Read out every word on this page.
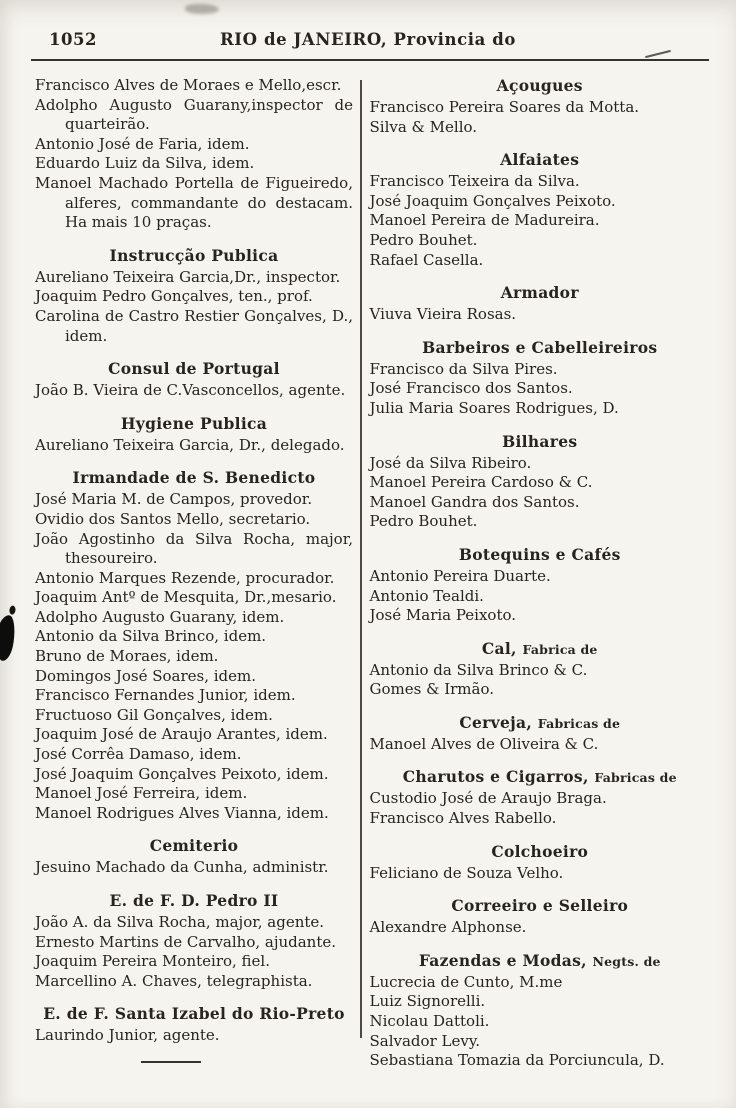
1052	RIO de JANEIRO, Provincia do

Francisco Alves de Moraes e Mello,escr.

Adolpho Augusto Guarany,inspector de quarteirão.

Antonio José de Faria, idem.

Eduardo Luiz da Silva, idem.

Manoel Machado Portella de Figueiredo, alferes, commandante do destacam. Ha mais 10 praças.

Instrucção Publica

Aureliano Teixeira Garcia,Dr., inspector.

Joaquim Pedro Gonçalves, ten., prof.

Carolina de Castro Restier Gonçalves, D., idem.

Consul de Portugal

João B. Vieira de C.Vasconcellos, agente.

Hygiene Publica

Aureliano Teixeira Garcia, Dr., delegado.

Irmandade de S. Benedicto

José Maria M. de Campos, provedor.

Ovidio dos Santos Mello, secretario.

João Agostinho da Silva Rocha, major, thesoureiro.

Antonio Marques Rezende, procurador.

Joaquim Antº de Mesquita, Dr.,mesario.

Adolpho Augusto Guarany, idem.

Antonio da Silva Brinco, idem.

Bruno de Moraes, idem.

Domingos José Soares, idem.

Francisco Fernandes Junior, idem.

Fructuoso Gil Gonçalves, idem.

Joaquim José de Araujo Arantes, idem.

José Corrêa Damaso, idem.

José Joaquim Gonçalves Peixoto, idem.

Manoel José Ferreira, idem.

Manoel Rodrigues Alves Vianna, idem.

Cemiterio

Jesuino Machado da Cunha, administr.

E. de F. D. Pedro II

João A. da Silva Rocha, major, agente.

Ernesto Martins de Carvalho, ajudante.

Joaquim Pereira Monteiro, fiel.

Marcellino A. Chaves, telegraphista.

E. de F. Santa Izabel do Rio-Preto

Laurindo Junior, agente.

Açougues

Francisco Pereira Soares da Motta.

Silva & Mello.

Alfaiates

Francisco Teixeira da Silva.

José Joaquim Gonçalves Peixoto.

Manoel Pereira de Madureira.

Pedro Bouhet.

Rafael Casella.

Armador

Viuva Vieira Rosas.

Barbeiros e Cabelleireiros

Francisco da Silva Pires.

José Francisco dos Santos.

Julia Maria Soares Rodrigues, D.

Bilhares

José da Silva Ribeiro.

Manoel Pereira Cardoso & C.

Manoel Gandra dos Santos.

Pedro Bouhet.

Botequins e Cafés

Antonio Pereira Duarte.

Antonio Tealdi.

José Maria Peixoto.

Cal, Fabrica de

Antonio da Silva Brinco & C.

Gomes & Irmão.

Cerveja, Fabricas de

Manoel Alves de Oliveira & C.

Charutos e Cigarros, Fabricas de

Custodio José de Araujo Braga.

Francisco Alves Rabello.

Colchoeiro

Feliciano de Souza Velho.

Correeiro e Selleiro

Alexandre Alphonse.

Fazendas e Modas, Negts. de

Lucrecia de Cunto, M.me

Luiz Signorelli.

Nicolau Dattoli.

Salvador Levy.

Sebastiana Tomazia da Porciuncula, D.
